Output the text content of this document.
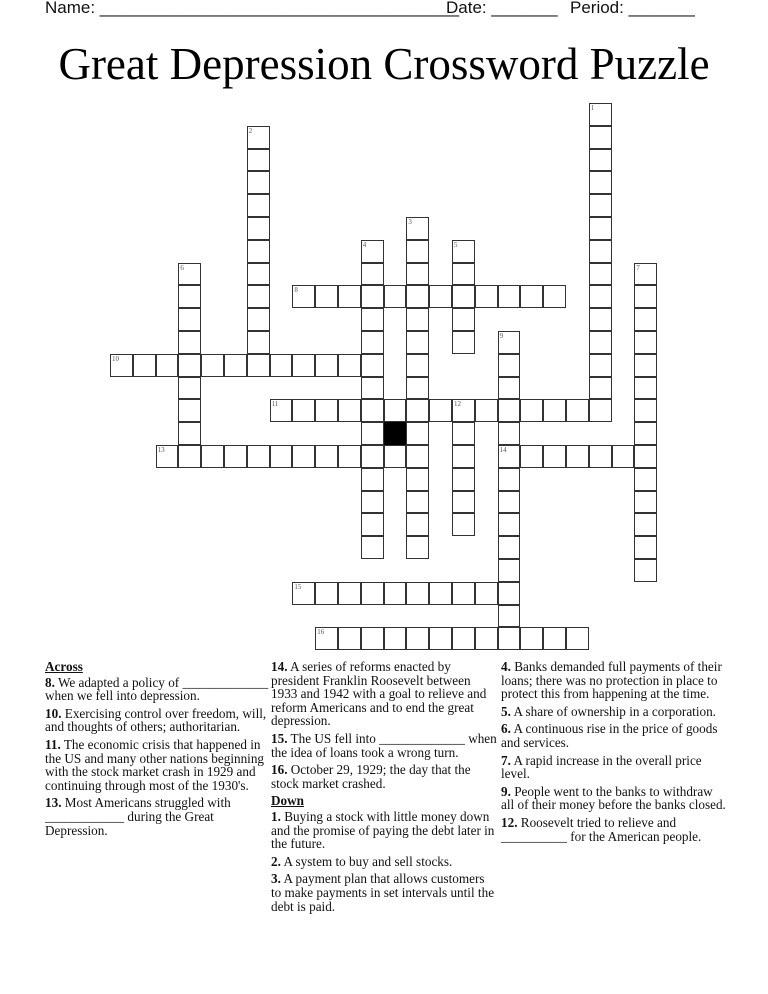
Name: ______________________________________
Date: _______ Period: _______
Great Depression Crossword Puzzle
1
2
3
4	5
6	7
8
9
14
10
11	12
13
15
16
Across
8. We adapted a policy of _____________ when we fell into depression.
10. Exercising control over freedom, will, and thoughts of others; authoritarian.
11. The economic crisis that happened in the US and many other nations beginning with the stock market crash in 1929 and continuing through most of the 1930's.
13. Most Americans struggled with ____________ during the Great Depression.
14. A series of reforms enacted by president Franklin Roosevelt between 1933 and 1942 with a goal to relieve and reform Americans and to end the great depression.
15. The US fell into _____________ when the idea of loans took a wrong turn.
16. October 29, 1929; the day that the stock market crashed.
Down
1. Buying a stock with little money down and the promise of paying the debt later in the future.
2. A system to buy and sell stocks.
3. A payment plan that allows customers to make payments in set intervals until the debt is paid.
4. Banks demanded full payments of their loans; there was no protection in place to protect this from happening at the time.
5. A share of ownership in a corporation.
6. A continuous rise in the price of goods and services.
7. A rapid increase in the overall price level.
9. People went to the banks to withdraw all of their money before the banks closed.
12. Roosevelt tried to relieve and __________ for the American people.
